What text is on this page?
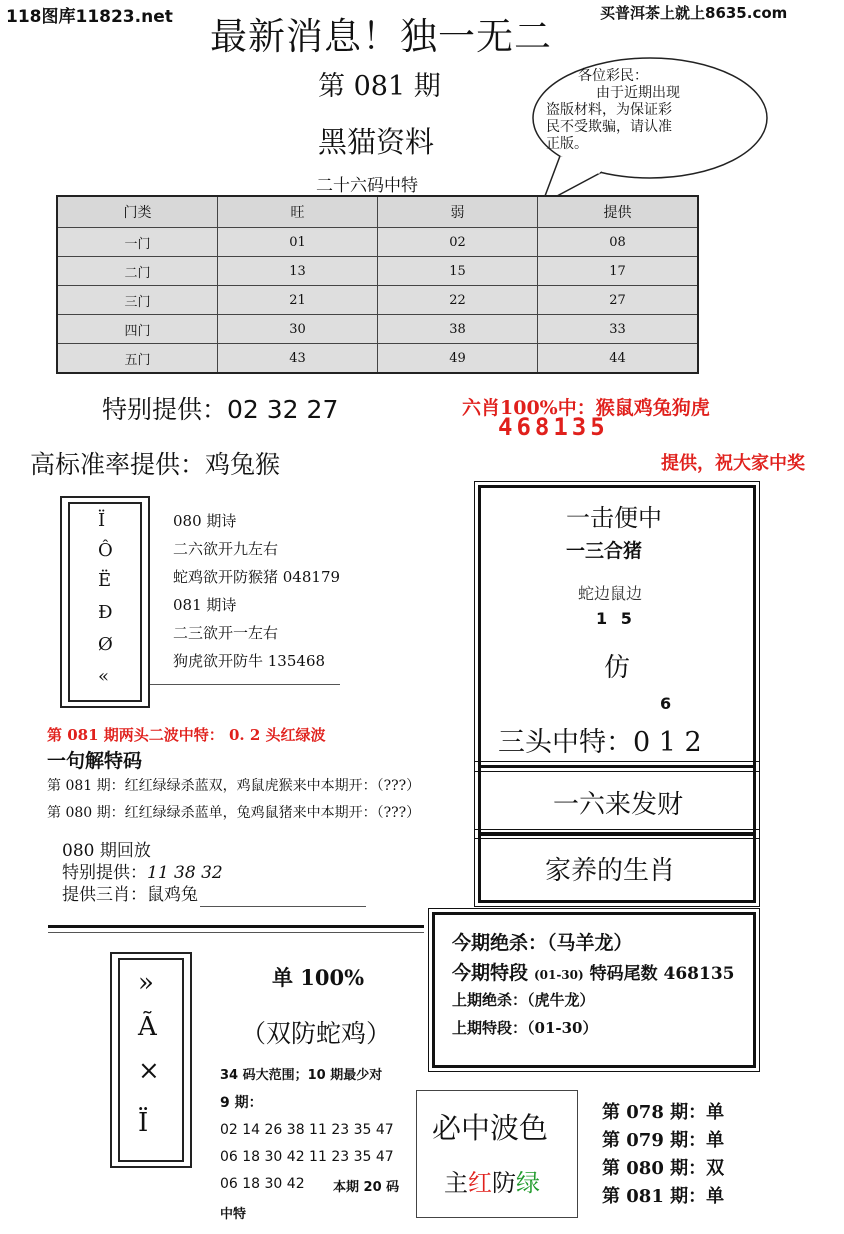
118图库11823.net	买普洱茶上就上8635.com
最新消息！独一无二
第 081 期
黑猫资料
二十六码中特
各位彩民：
由于近期出现
盗版材料，为保证彩
民不受欺骗，请认准
正版。
门类	旺	弱	提供
一门	01	02	08
二门	13	15	17
三门	21	22	27
四门	30	38	33
五门	43	49	44
特别提供：02 32 27	六肖100%中：猴鼠鸡兔狗虎
468135
高标准率提供：鸡兔猴	提供，祝大家中奖
Ï
Ô
Ë
Ð
Ø
«
080 期诗
二六欲开九左右
蛇鸡欲开防猴猪 048179
081 期诗
二三欲开一左右
狗虎欲开防牛 135468
第 081 期两头二波中特： 0. 2 头红绿波
一句解特码
第 081 期：红红绿绿杀蓝双，鸡鼠虎猴来中本期开：（???）
第 080 期：红红绿绿杀蓝单，兔鸡鼠猪来中本期开：（???）
080 期回放
特别提供：11 38 32
提供三肖：鼠鸡兔
一击便中
一三合猪
蛇边鼠边
1 5
仿
6
三头中特：0 1 2
一六来发财
家养的生肖
今期绝杀：（马羊龙）
今期特段 (01-30) 特码尾数 468135
上期绝杀：（虎牛龙）
上期特段：（01-30）
»
Ã
×
Ï
单 100%
（双防蛇鸡）
34 码大范围；10 期最少对
9 期：
02 14 26 38 11 23 35 47
06 18 30 42 11 23 35 47
06 18 30 42 本期 20 码
中特
必中波色
主红防绿
第 078 期：单
第 079 期：单
第 080 期：双
第 081 期：单
